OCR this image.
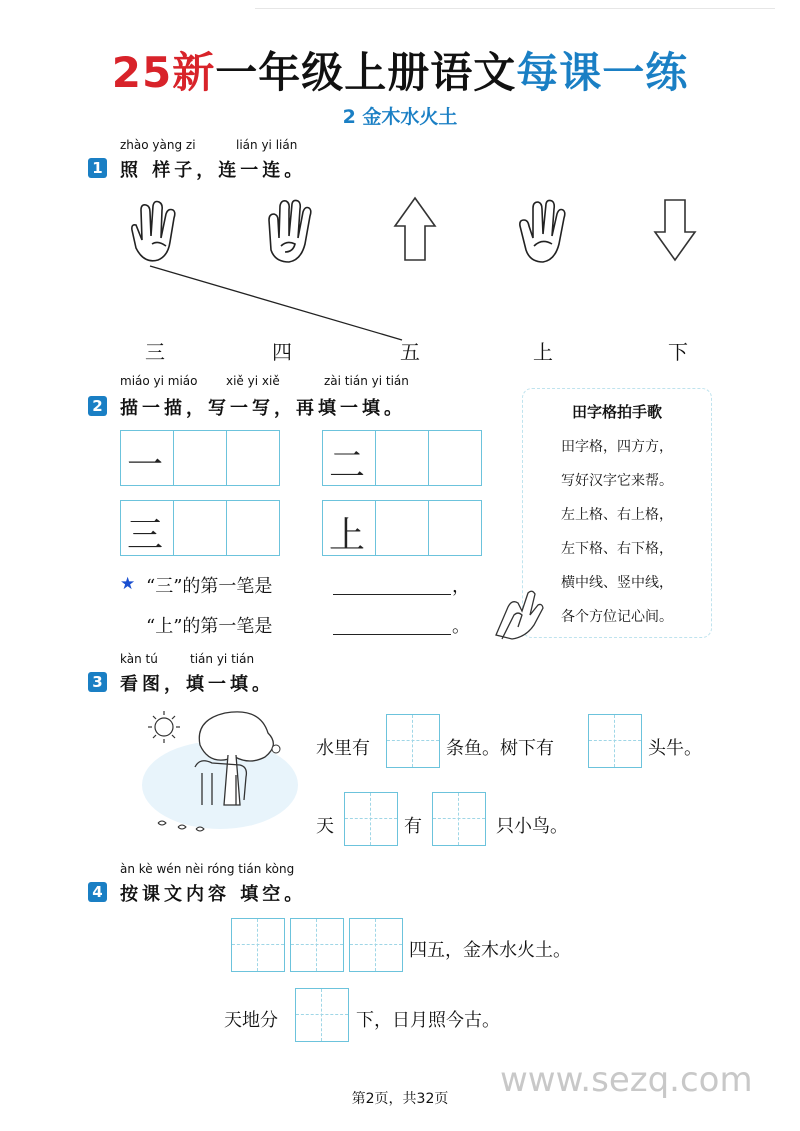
25新一年级上册语文每课一练
2 金木水火土
zhào yàng zi	lián yi lián
1 照 样子，连一连。
三	四	五	上	下
miáo yi miáo xiě yi xiě	zài tián yi tián
2 描一描，写一写，再填一填。
一	二
三	上
★ “三”的第一笔是	，
“上”的第一笔是	。
田字格拍手歌
田字格，四方方，
写好汉字它来帮。
左上格、右上格，
左下格、右下格，
横中线、竖中线，
各个方位记心间。
kàn tú	tián yi tián
3 看图，填一填。
水里有	条鱼。树下有	头牛。
天	有	只小鸟。
àn kè wén nèi róng tián kòng
4 按课文内容 填空。
四五，金木水火土。
天地分	下，日月照今古。
www.sezq.com
第2页，共32页
